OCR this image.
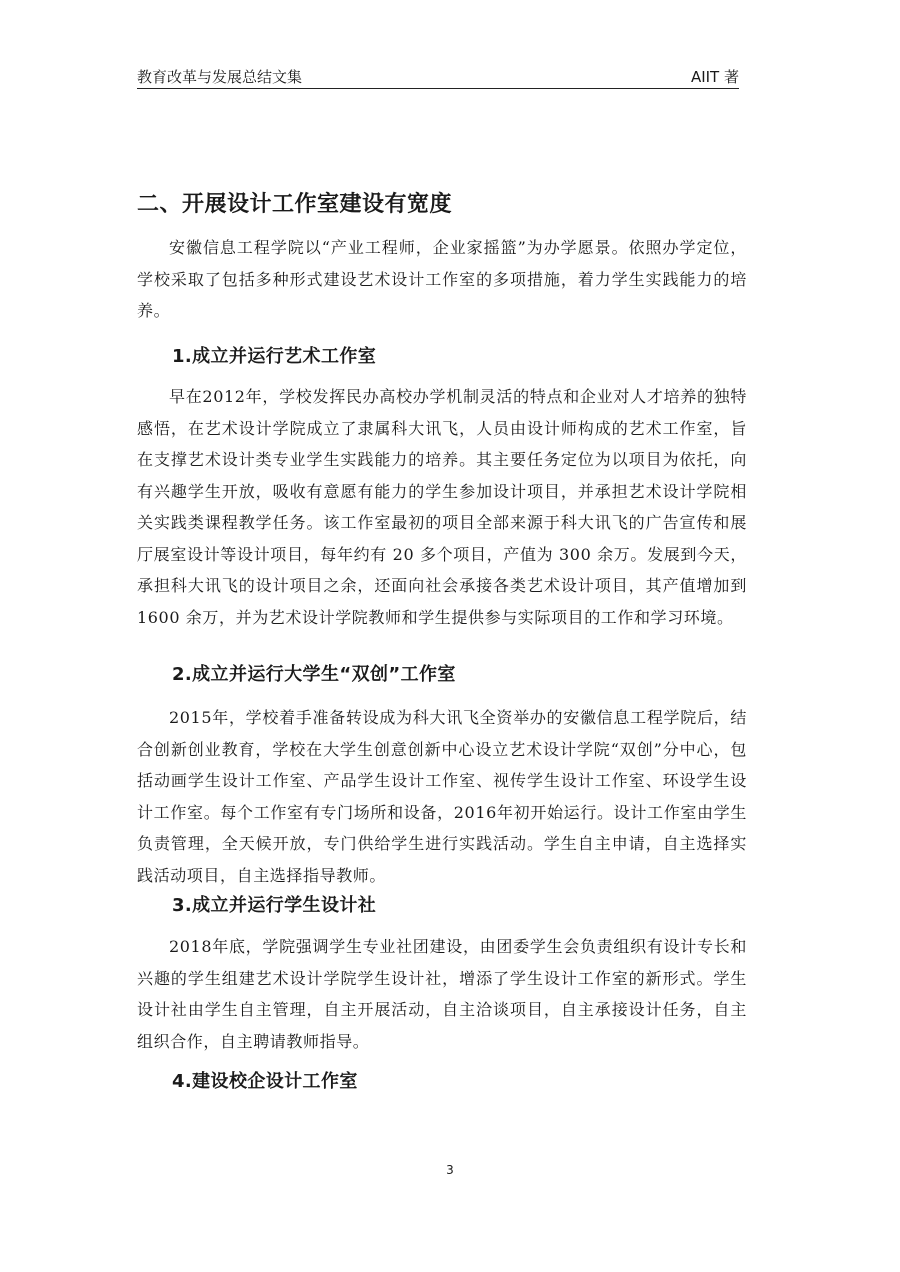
教育改革与发展总结文集	AIIT 著
二、开展设计工作室建设有宽度
安徽信息工程学院以“产业工程师，企业家摇篮”为办学愿景。依照办学定位，学校采取了包括多种形式建设艺术设计工作室的多项措施，着力学生实践能力的培养。
1.成立并运行艺术工作室
早在2012年，学校发挥民办高校办学机制灵活的特点和企业对人才培养的独特感悟，在艺术设计学院成立了隶属科大讯飞，人员由设计师构成的艺术工作室，旨在支撑艺术设计类专业学生实践能力的培养。其主要任务定位为以项目为依托，向有兴趣学生开放，吸收有意愿有能力的学生参加设计项目，并承担艺术设计学院相关实践类课程教学任务。该工作室最初的项目全部来源于科大讯飞的广告宣传和展厅展室设计等设计项目，每年约有 20 多个项目，产值为 300 余万。发展到今天，承担科大讯飞的设计项目之余，还面向社会承接各类艺术设计项目，其产值增加到 1600 余万，并为艺术设计学院教师和学生提供参与实际项目的工作和学习环境。
2.成立并运行大学生“双创”工作室
2015年，学校着手准备转设成为科大讯飞全资举办的安徽信息工程学院后，结合创新创业教育，学校在大学生创意创新中心设立艺术设计学院“双创”分中心，包括动画学生设计工作室、产品学生设计工作室、视传学生设计工作室、环设学生设计工作室。每个工作室有专门场所和设备，2016年初开始运行。设计工作室由学生负责管理，全天候开放，专门供给学生进行实践活动。学生自主申请，自主选择实践活动项目，自主选择指导教师。
3.成立并运行学生设计社
2018年底，学院强调学生专业社团建设，由团委学生会负责组织有设计专长和兴趣的学生组建艺术设计学院学生设计社，增添了学生设计工作室的新形式。学生设计社由学生自主管理，自主开展活动，自主洽谈项目，自主承接设计任务，自主组织合作，自主聘请教师指导。
4.建设校企设计工作室
3
